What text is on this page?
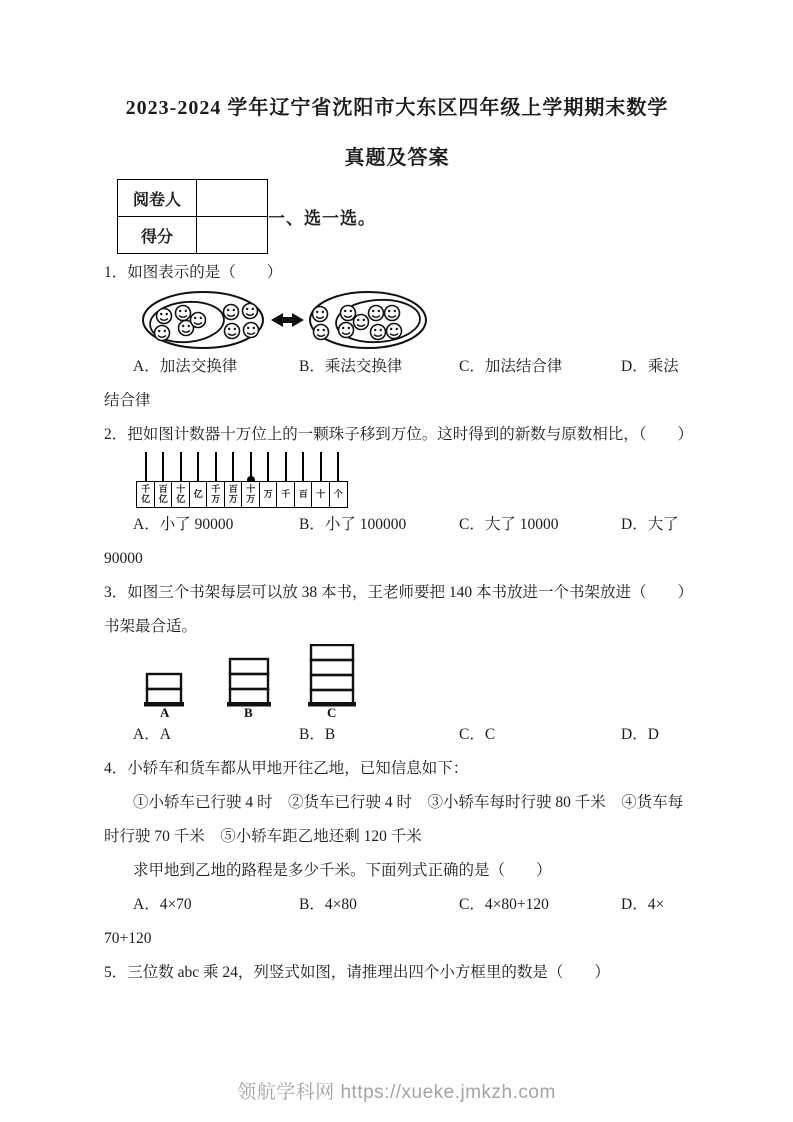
2023-2024 学年辽宁省沈阳市大东区四年级上学期期末数学
真题及答案
阅卷人	
得分	
一、选一选。

1．如图表示的是（　　）

A．加法交换律	B．乘法交换律	C．加法结合律	D．乘法

结合律

2．把如图计数器十万位上的一颗珠子移到万位。这时得到的新数与原数相比，（　　）

千亿
百亿
十亿 亿 千万
百万
十万 万 千 百 十 个
A．小了 90000	B．小了 100000	C．大了 10000	D．大了

90000

3．如图三个书架每层可以放 38 本书，王老师要把 140 本书放进一个书架放进（　　）书架最合适。

A	B	C
A．A	B．B	C．C	D．D

4．小轿车和货车都从甲地开往乙地，已知信息如下：

①小轿车已行驶 4 时　②货车已行驶 4 时　③小轿车每时行驶 80 千米　④货车每时行驶 70 千米　⑤小轿车距乙地还剩 120 千米

求甲地到乙地的路程是多少千米。下面列式正确的是（　　）

A．4×70	B．4×80	C．4×80+120	D．4×

70+120

5．三位数 abc 乘 24，列竖式如图，请推理出四个小方框里的数是（　　）

领航学科网 https://xueke.jmkzh.com
